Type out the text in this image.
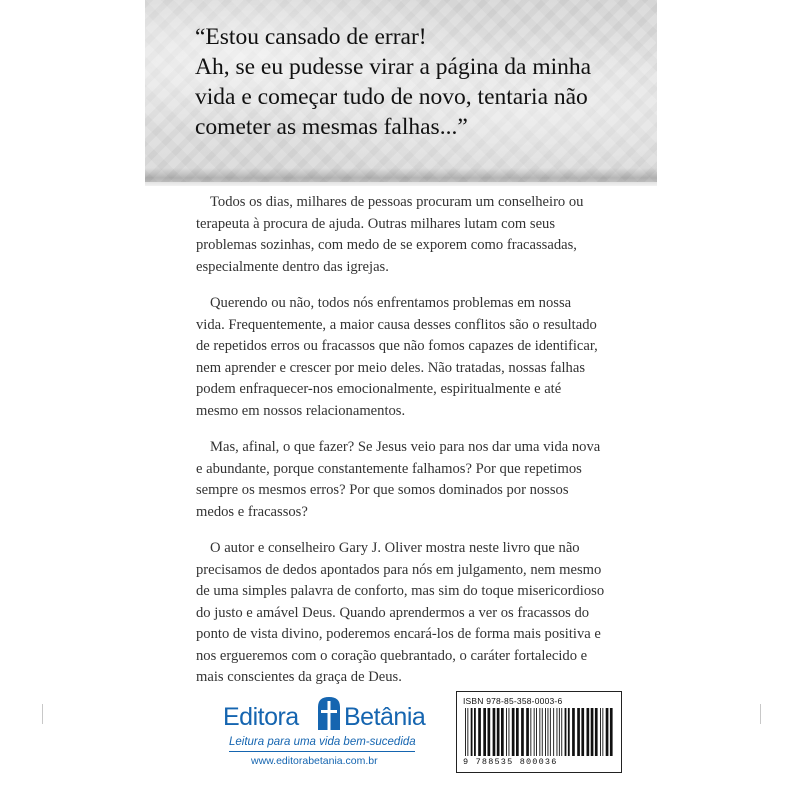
“Estou cansado de errar!
Ah, se eu pudesse virar a página da minha
vida e começar tudo de novo, tentaria não
cometer as mesmas falhas...”

Todos os dias, milhares de pessoas procuram um conselheiro ou
terapeuta à procura de ajuda. Outras milhares lutam com seus
problemas sozinhas, com medo de se exporem como fracassadas,
especialmente dentro das igrejas.

Querendo ou não, todos nós enfrentamos problemas em nossa
vida. Frequentemente, a maior causa desses conflitos são o resultado
de repetidos erros ou fracassos que não fomos capazes de identificar,
nem aprender e crescer por meio deles. Não tratadas, nossas falhas
podem enfraquecer-nos emocionalmente, espiritualmente e até
mesmo em nossos relacionamentos.

Mas, afinal, o que fazer? Se Jesus veio para nos dar uma vida nova
e abundante, porque constantemente falhamos? Por que repetimos
sempre os mesmos erros? Por que somos dominados por nossos
medos e fracassos?

O autor e conselheiro Gary J. Oliver mostra neste livro que não
precisamos de dedos apontados para nós em julgamento, nem mesmo
de uma simples palavra de conforto, mas sim do toque misericordioso
do justo e amável Deus. Quando aprendermos a ver os fracassos do
ponto de vista divino, poderemos encará-los de forma mais positiva e
nos ergueremos com o coração quebrantado, o caráter fortalecido e
mais conscientes da graça de Deus.

Editora Betânia
Leitura para uma vida bem-sucedida
www.editorabetania.com.br
ISBN 978-85-358-0003-6
9 788535 800036
